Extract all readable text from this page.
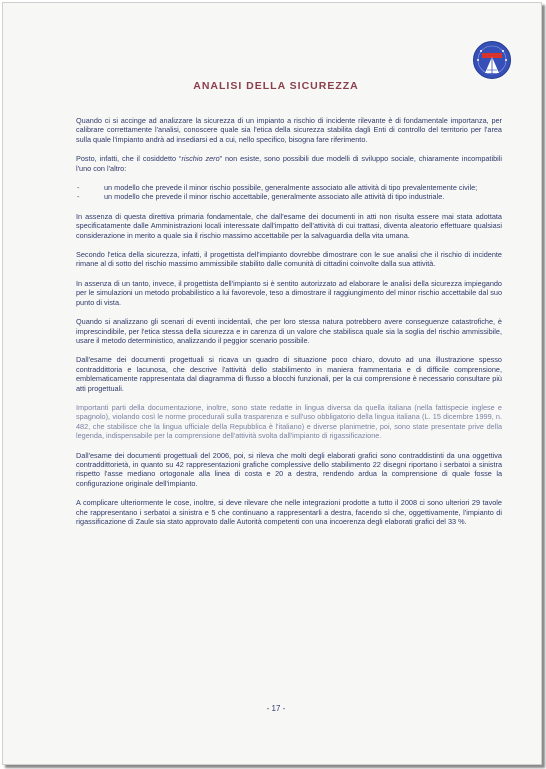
ANALISI DELLA SICUREZZA

Quando ci si accinge ad analizzare la sicurezza di un impianto a rischio di incidente rilevante è di fondamentale importanza, per calibrare correttamente l'analisi, conoscere quale sia l'etica della sicurezza stabilita dagli Enti di controllo del territorio per l'area sulla quale l'impianto andrà ad insediarsi ed a cui, nello specifico, bisogna fare riferimento.

Posto, infatti, che il cosiddetto “rischio zero” non esiste, sono possibili due modelli di sviluppo sociale, chiaramente incompatibili l'uno con l'altro:

- un modello che prevede il minor rischio possibile, generalmente associato alle attività di tipo prevalentemente civile;
- un modello che prevede il minor rischio accettabile, generalmente associato alle attività di tipo industriale.

In assenza di questa direttiva primaria fondamentale, che dall'esame dei documenti in atti non risulta essere mai stata adottata specificatamente dalle Amministrazioni locali interessate dall'impatto dell'attività di cui trattasi, diventa aleatorio effettuare qualsiasi considerazione in merito a quale sia il rischio massimo accettabile per la salvaguardia della vita umana.

Secondo l'etica della sicurezza, infatti, il progettista dell'impianto dovrebbe dimostrare con le sue analisi che il rischio di incidente rimane al di sotto del rischio massimo ammissibile stabilito dalle comunità di cittadini coinvolte dalla sua attività.

In assenza di un tanto, invece, il progettista dell'impianto si è sentito autorizzato ad elaborare le analisi della sicurezza impiegando per le simulazioni un metodo probabilistico a lui favorevole, teso a dimostrare il raggiungimento del minor rischio accettabile dal suo punto di vista.

Quando si analizzano gli scenari di eventi incidentali, che per loro stessa natura potrebbero avere conseguenze catastrofiche, è imprescindibile, per l'etica stessa della sicurezza e in carenza di un valore che stabilisca quale sia la soglia del rischio ammissibile, usare il metodo deterministico, analizzando il peggior scenario possibile.

Dall'esame dei documenti progettuali si ricava un quadro di situazione poco chiaro, dovuto ad una illustrazione spesso contraddittoria e lacunosa, che descrive l'attività dello stabilimento in maniera frammentaria e di difficile comprensione, emblematicamente rappresentata dal diagramma di flusso a blocchi funzionali, per la cui comprensione è necessario consultare più atti progettuali.

Importanti parti della documentazione, inoltre, sono state redatte in lingua diversa da quella italiana (nella fattispecie inglese e spagnolo), violando così le norme procedurali sulla trasparenza e sull'uso obbligatorio della lingua italiana (L. 15 dicembre 1999, n. 482, che stabilisce che la lingua ufficiale della Repubblica è l'italiano) e diverse planimetrie, poi, sono state presentate prive della legenda, indispensabile per la comprensione dell'attività svolta dall'impianto di rigassificazione.

Dall'esame dei documenti progettuali del 2006, poi, si rileva che molti degli elaborati grafici sono contraddistinti da una oggettiva contraddittorietà, in quanto su 42 rappresentazioni grafiche complessive dello stabilimento 22 disegni riportano i serbatoi a sinistra rispetto l'asse mediano ortogonale alla linea di costa e 20 a destra, rendendo ardua la comprensione di quale fosse la configurazione originale dell'impianto.

A complicare ulteriormente le cose, inoltre, si deve rilevare che nelle integrazioni prodotte a tutto il 2008 ci sono ulteriori 29 tavole che rappresentano i serbatoi a sinistra e 5 che continuano a rappresentarli a destra, facendo sì che, oggettivamente, l'impianto di rigassificazione di Zaule sia stato approvato dalle Autorità competenti con una incoerenza degli elaborati grafici del 33 %.

- 17 -
